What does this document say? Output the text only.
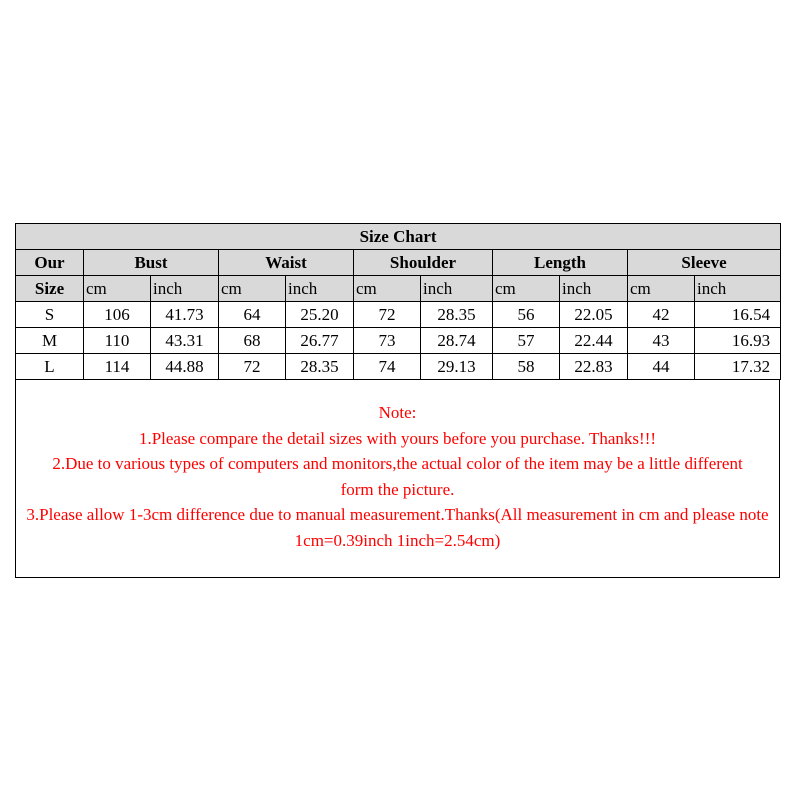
Size Chart										
Our	Bust		Waist		Shoulder		Length		Sleeve	
Size	cm	inch	cm	inch	cm	inch	cm	inch	cm	inch
S	106	41.73	64	25.20	72	28.35	56	22.05	42	16.54
M	110	43.31	68	26.77	73	28.74	57	22.44	43	16.93
L	114	44.88	72	28.35	74	29.13	58	22.83	44	17.32

Note:

1.Please compare the detail sizes with yours before you purchase. Thanks!!!

2.Due to various types of computers and monitors,the actual color of the item may be a little different form the picture.

3.Please allow 1-3cm difference due to manual measurement.Thanks(All measurement in cm and please note 1cm=0.39inch 1inch=2.54cm)
